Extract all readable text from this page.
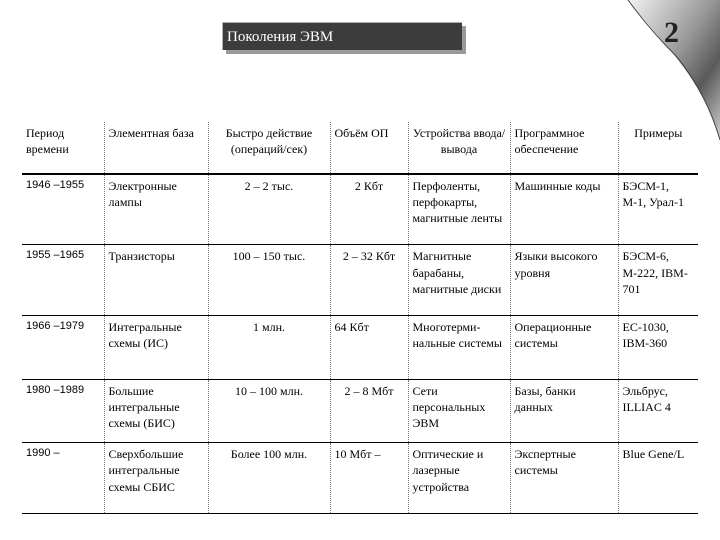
Поколения ЭВМ	2
Период времени	Элементная база	Быстро действие (операций/сек)	Объём ОП	Устройства ввода/вывода	Программное обеспечение	Примеры
1946 –1955	Электронные лампы	2 – 2 тыс.	2 Кбт	Перфоленты, перфокарты, магнитные ленты	Машинные коды	БЭСМ-1, М-1, Урал-1
1955 –1965	Транзисторы	100 – 150 тыс.	2 – 32 Кбт	Магнитные барабаны, магнитные диски	Языки высокого уровня	БЭСМ-6, М-222, IBM-701
1966 –1979	Интегральные схемы (ИС)	1 млн.	64 Кбт	Многотерми-нальные системы	Операционные системы	ЕС-1030, IBM-360
1980 –1989	Большие интегральные схемы (БИС)	10 – 100 млн.	2 – 8 Мбт	Сети персональных ЭВМ	Базы, банки данных	Эльбрус, ILLIAC 4
1990 –	Сверхбольшие интегральные схемы СБИС	Более 100 млн.	10 Мбт –	Оптические и лазерные устройства	Экспертные системы	Blue Gene/L
